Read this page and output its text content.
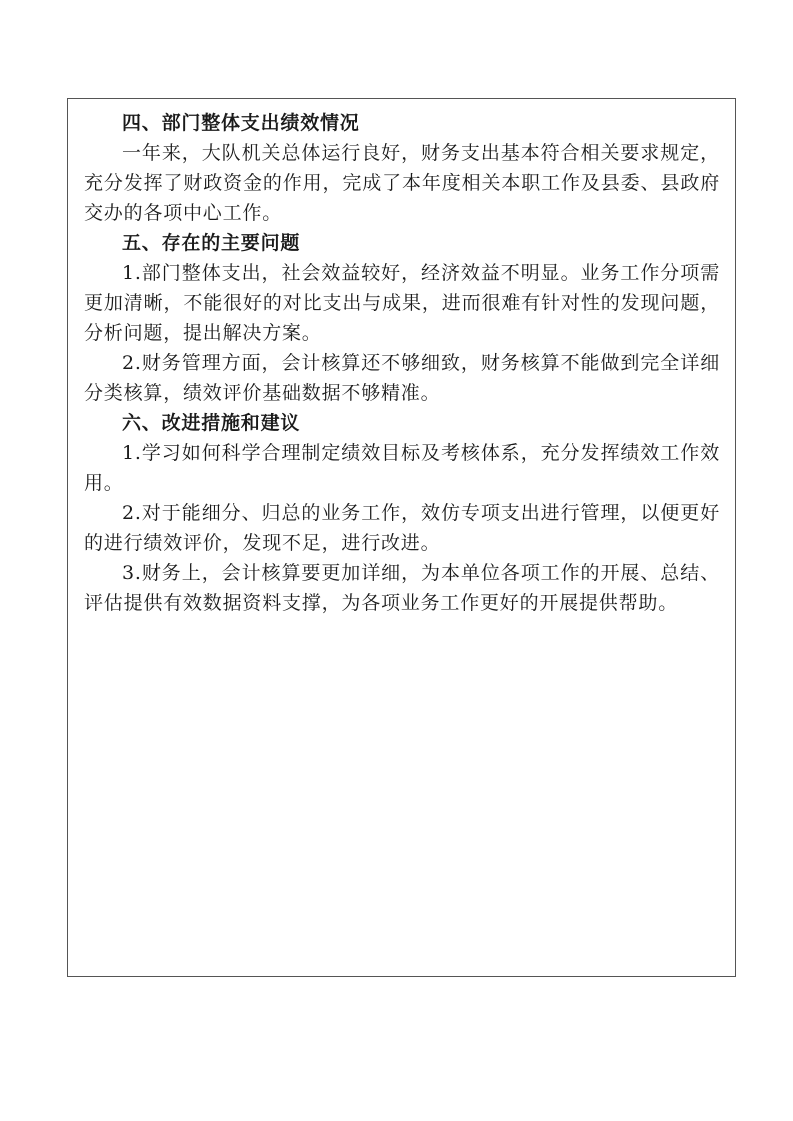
四、部门整体支出绩效情况

一年来，大队机关总体运行良好，财务支出基本符合相关要求规定，充分发挥了财政资金的作用，完成了本年度相关本职工作及县委、县政府交办的各项中心工作。

五、存在的主要问题

1.部门整体支出，社会效益较好，经济效益不明显。业务工作分项需更加清晰，不能很好的对比支出与成果，进而很难有针对性的发现问题，分析问题，提出解决方案。

2.财务管理方面，会计核算还不够细致，财务核算不能做到完全详细分类核算，绩效评价基础数据不够精准。

六、改进措施和建议

1.学习如何科学合理制定绩效目标及考核体系，充分发挥绩效工作效用。

2.对于能细分、归总的业务工作，效仿专项支出进行管理，以便更好的进行绩效评价，发现不足，进行改进。

3.财务上，会计核算要更加详细，为本单位各项工作的开展、总结、评估提供有效数据资料支撑，为各项业务工作更好的开展提供帮助。
